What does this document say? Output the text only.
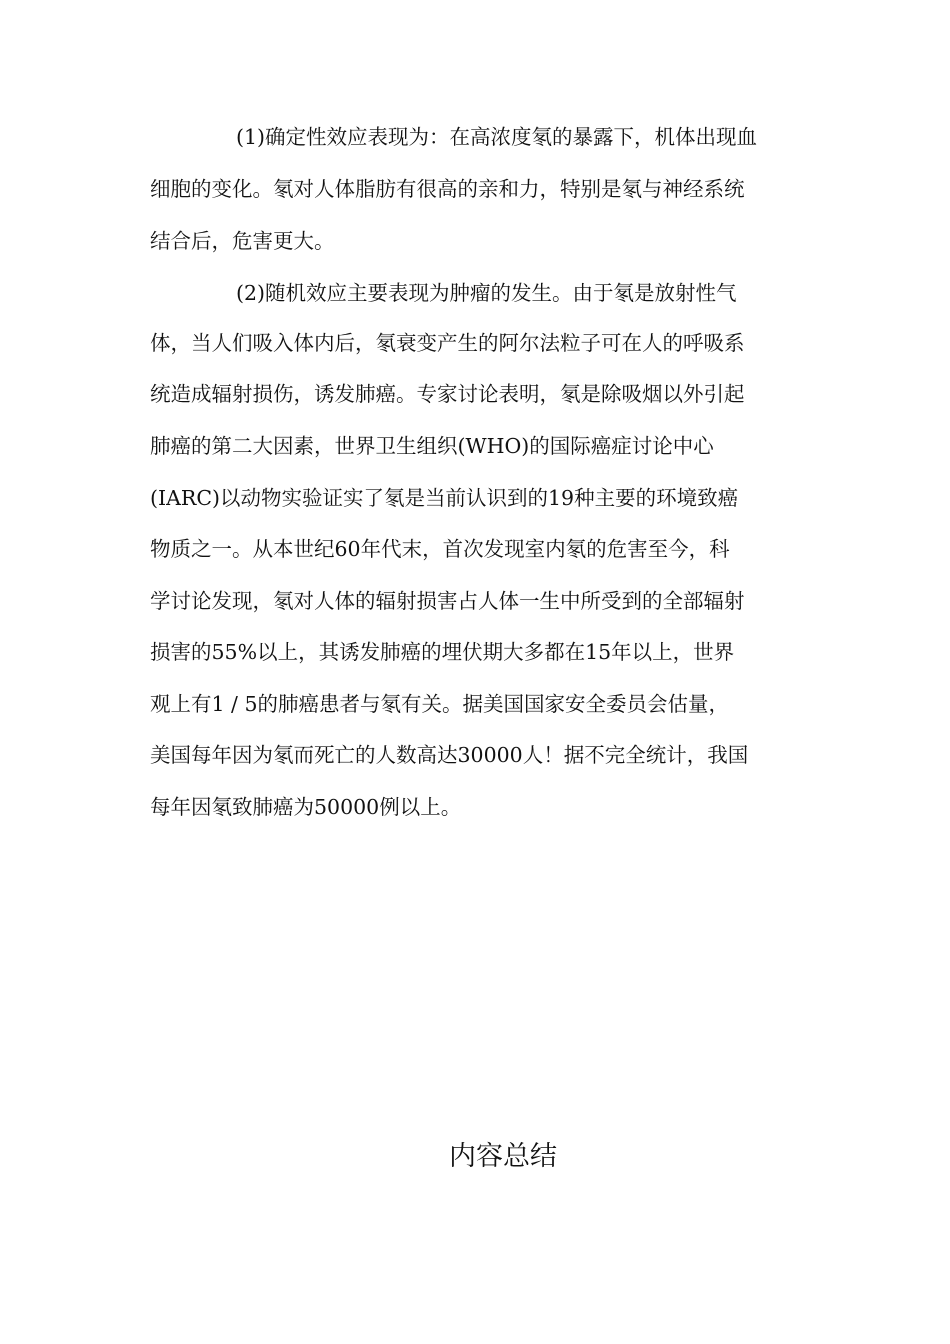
(1)确定性效应表现为：在高浓度氡的暴露下，机体出现血
细胞的变化。氡对人体脂肪有很高的亲和力，特别是氡与神经系统
结合后，危害更大。
(2)随机效应主要表现为肿瘤的发生。由于氡是放射性气
体，当人们吸入体内后，氡衰变产生的阿尔法粒子可在人的呼吸系
统造成辐射损伤，诱发肺癌。专家讨论表明，氡是除吸烟以外引起
肺癌的第二大因素，世界卫生组织(WHO)的国际癌症讨论中心
(IARC)以动物实验证实了氡是当前认识到的19种主要的环境致癌
物质之一。从本世纪60年代末，首次发现室内氡的危害至今，科
学讨论发现，氡对人体的辐射损害占人体一生中所受到的全部辐射
损害的55%以上，其诱发肺癌的埋伏期大多都在15年以上，世界
观上有1 / 5的肺癌患者与氡有关。据美国国家安全委员会估量，
美国每年因为氡而死亡的人数高达30000人！据不完全统计，我国
每年因氡致肺癌为50000例以上。
内容总结
